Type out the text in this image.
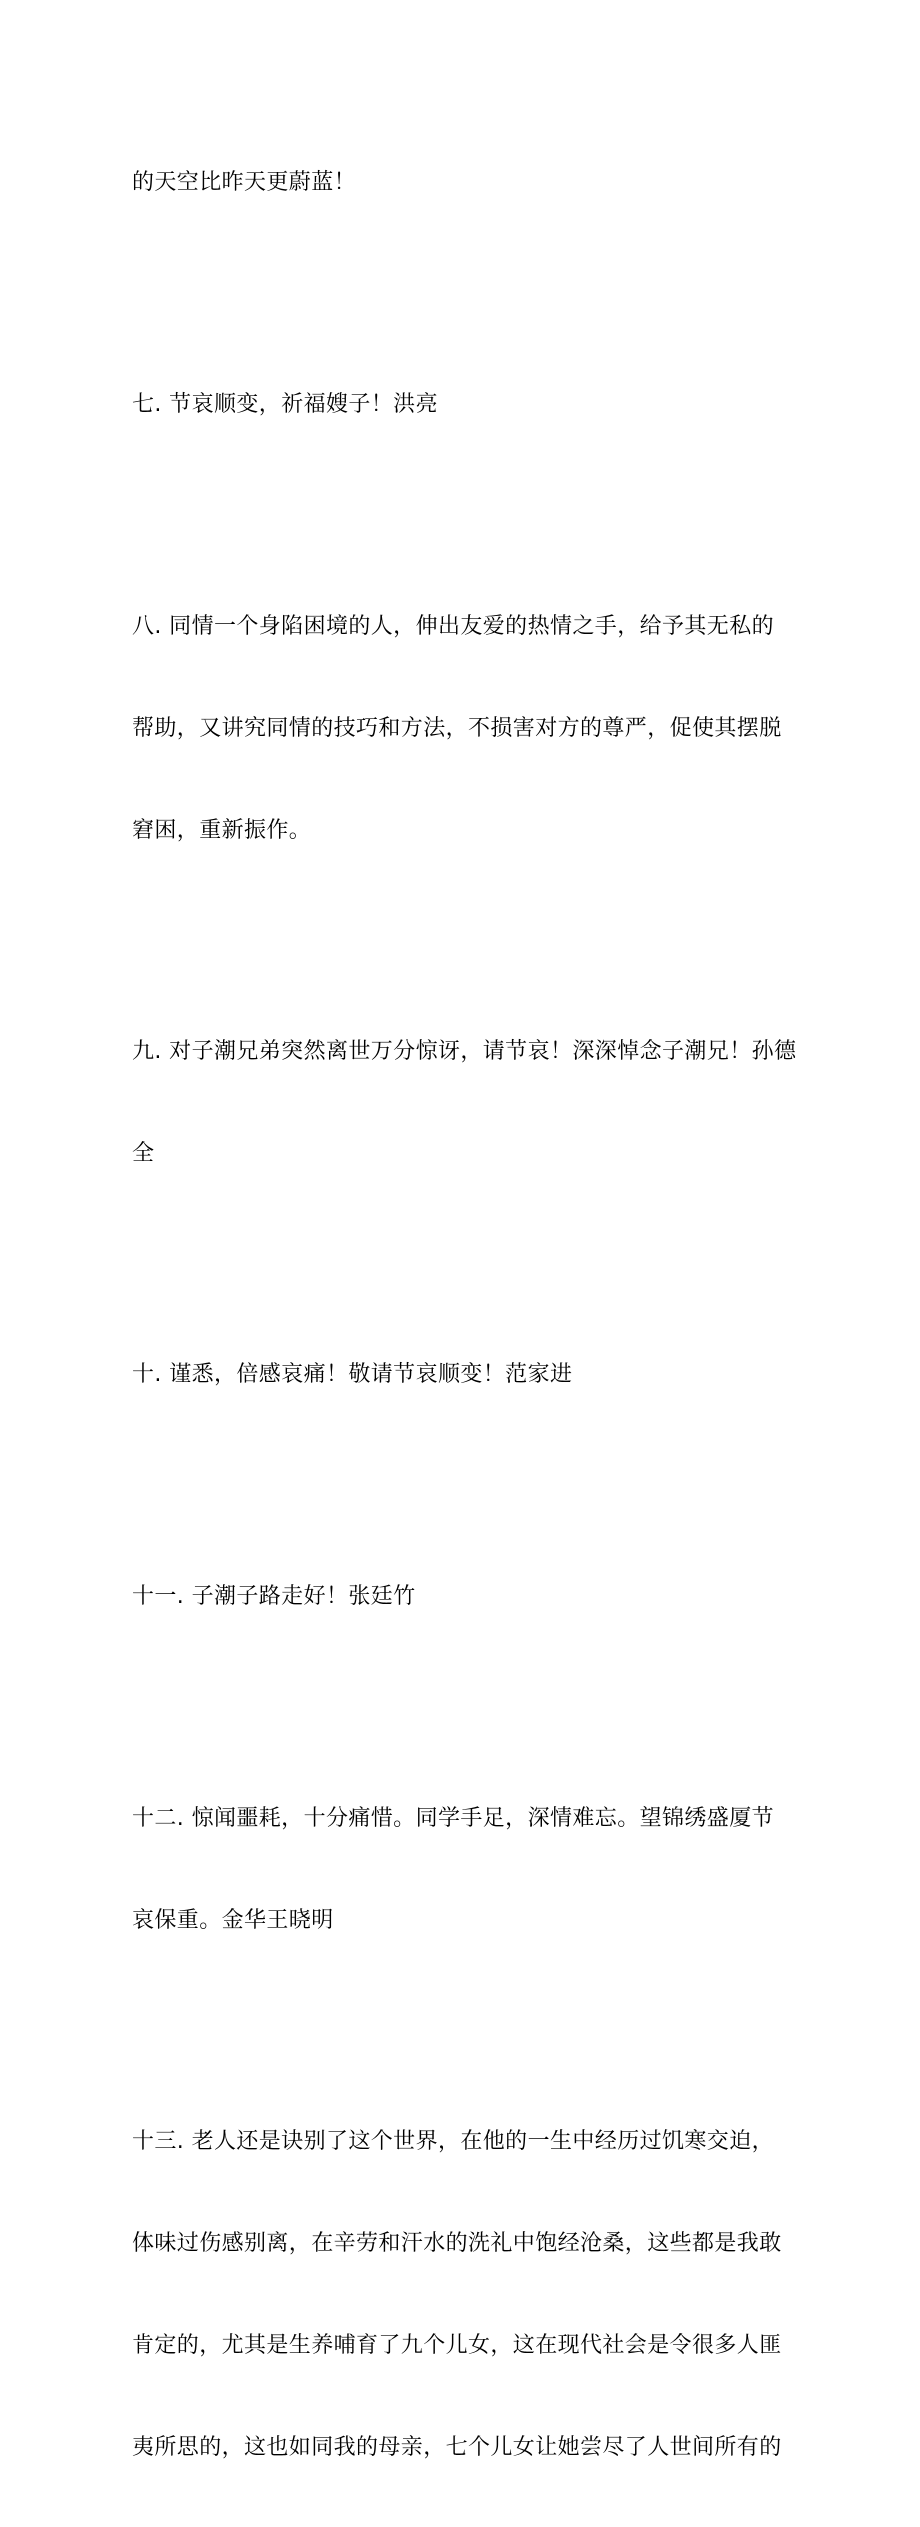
的天空比昨天更蔚蓝！

七. 节哀顺变，祈福嫂子！洪亮

八. 同情一个身陷困境的人，伸出友爱的热情之手，给予其无私的

帮助，又讲究同情的技巧和方法，不损害对方的尊严，促使其摆脱

窘困，重新振作。

九. 对子潮兄弟突然离世万分惊讶，请节哀！深深悼念子潮兄！孙德

全

十. 谨悉，倍感哀痛！敬请节哀顺变！范家进

十一. 子潮子路走好！张廷竹

十二. 惊闻噩耗，十分痛惜。同学手足，深情难忘。望锦绣盛厦节

哀保重。金华王晓明

十三. 老人还是诀别了这个世界，在他的一生中经历过饥寒交迫，

体味过伤感别离，在辛劳和汗水的洗礼中饱经沧桑，这些都是我敢

肯定的，尤其是生养哺育了九个儿女，这在现代社会是令很多人匪

夷所思的，这也如同我的母亲，七个儿女让她尝尽了人世间所有的
